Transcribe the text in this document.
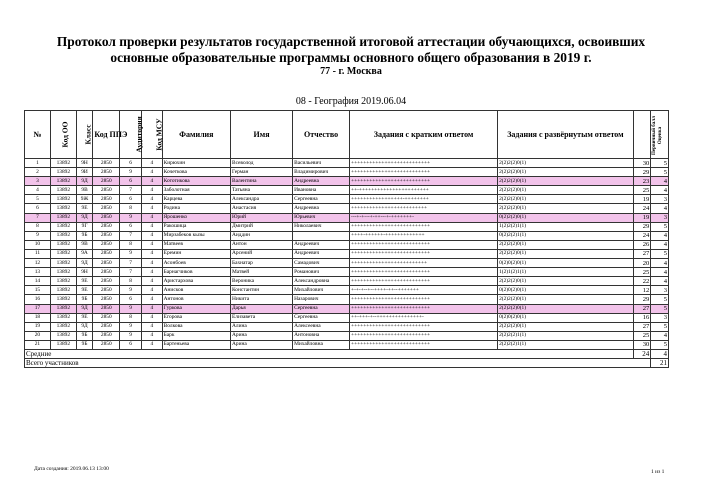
Протокол проверки результатов государственной итоговой аттестации обучающихся, освоивших
основные образовательные программы основного общего образования в 2019 г.
77 - г. Москва
08 - География 2019.06.04
№	Код ОО	Класс	Код ППЭ	Аудитория	Код МСУ	Фамилия	Имя	Отчество	Задания с кратким ответом	Задания с развёрнутым ответом	Первичный балл	Оценка
1	13892	9Н	2850	6	4	Кирюхин	Всеволод	Васильевич	++++++++++++++++++++++++++	2(2)2(2)0(1)	30	5
2	13892	9И	2850	9	4	Кочеткова	Герман	Владимирович	++++++++++++++++++++++++++	2(2)2(2)0(1)	29	5
3	13892	9Д	2850	6	4	Кототикова	Валентина	Андреевна	++++++++++++++++++++++++++	2(2)2(2)0(1)	23	4
4	13892	9В	2850	7	4	Заболотная	Татьяна	Ивановна	++-+++++++++++++++++++++++	2(2)2(2)0(1)	25	4
5	13892	9Ж	2850	6	4	Карцева	Александра	Сергеевна	+++++++++++++++++-++++++++	2(2)2(2)0(1)	19	3
6	13892	9Е	2850	8	4	Родина	Анастасия	Андреевна	+++++++++++++++++++++++++	2(2)2(2)0(1)	24	4
7	13892	9Д	2850	9	4	Ярошенко	Юрий	Юрьевич	---+-+---+-++---+-+++++++-	0(2)2(2)0(1)	19	3
8	13892	9Г	2850	6	4	Ракошица	Дмитрий	Николаевич	++++++++++++++++++++++++++	1(2)2(2)1(1)	29	5
9	13892	9Б	2850	7	4	Мирзабеков кызы	Аиддин		++++-++++++-+++++++++++++	0(2)2(2)1(1)	24	4
10	13892	9В	2850	8	4	Матвеев	Антон	Андреевич	++++++++++++++++++++++++++	2(2)2(2)0(1)	26	4
11	13892	9А	2850	9	4	Еремин	Арсений	Андреевич	++++++++++++++++++++++++++	2(2)2(2)0(1)	27	5
12	13892	9Д	2850	7	4	Асонбоев	Бахнатар	Самадович	+++++++++++++++++++++++++	0(2)0(2)0(1)	20	4
13	13892	9Н	2850	7	4	Барнагчиков	Матвей	Романович	++++++++++++++++++++++++++	1(2)1(2)1(1)	25	4
14	13892	9Е	2850	8	4	Аристархова	Вероника	Александровна	++++++++++++++++++++++++++	2(2)2(2)0(1)	22	4
15	13892	9Е	2850	9	4	Анисков	Константин	Михайлович	+-+-+--+--++++-++--+++++++	0(2)0(2)0(1)	12	3
16	13892	9Б	2850	6	4	Антонов	Никита	Назарович	++++++++++++++++++++++++++	2(2)2(2)0(1)	29	5
17	13892	9Д	2850	9	4	Гуркова	Дарья	Сергеевна	++++++++++++++++++++++++++	2(2)2(2)0(1)	27	5
18	13892	9Е	2850	8	4	Егорова	Елизавета	Сергеевна	++-+++-+--+++++++++++++++-	0(2)0(2)0(1)	16	3
19	13892	9Д	2850	9	4	Волкова	Алина	Алексеевна	++++++++++++++++++++++++++	2(2)2(2)0(1)	27	5
20	13892	9Б	2850	9	4	Барк	Арина	Антоновна	++++++++++++++++++++++++++	2(2)2(2)1(1)	25	4
21	13892	9Б	2850	6	4	Бартеньева	Арина	Михайловна	++++++++++++++++++++++++++	2(2)2(2)1(1)	30	5
Средние											24	4
Всего участников												21
Дата создания: 2019.06.13 13:00	1 из 1
